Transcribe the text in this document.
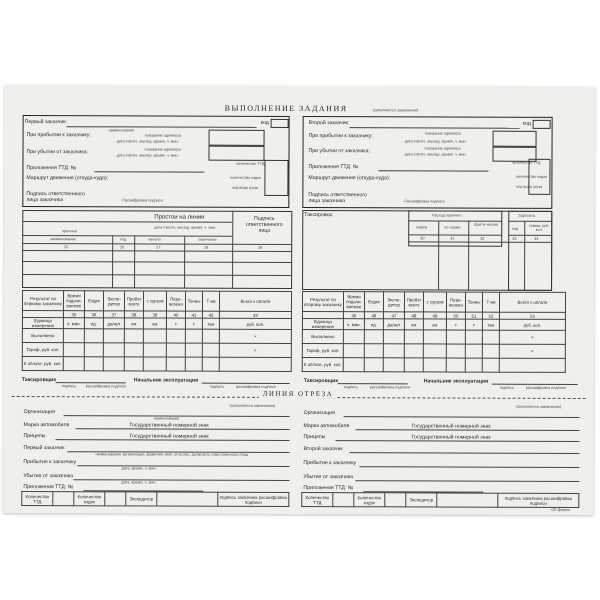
ВЫПОЛНЕНИЕ ЗАДАНИЯ	(заполняется заказчиком)
Первый заказчик:	код
наименование
показание одометра
При прибытии к заказчику:
дата (число, месяц), время, ч. мин.
При убытии от заказчика:	показание одометра
дата (число, месяц), время, ч. мин.
Приложения ТТД: №
количество ТТД
Маршрут движения (откуда-куда):	количество ездок
код вида груза
Подпись ответственного лица заказчика	Расшифровка подписи
Второй заказчик:	код
При прибытии к заказчику:	показание одометра
дата (число, месяц), время, ч. мин.
При убытии от заказчика:	показание одометра
дата (число, месяц), время, ч. мин.
Приложения ТТД: №
количество ТТД
Маршрут движения (откуда-куда):	количество ездок
код вида груза
Подпись ответственного лица заказчика	Расшифровка подписи
Простои на линии
причина
дата (число, месяц), время, ч. мин.
Подпись ответственного лица
наименование	код	начало	окончание
25	26	27	28	29
Таксировка:	Расход горючего
марка	по норме
факти-ческая
30	31	32
Зарплата
код
сумма, руб. коп.
33	34
Результат по первому заказчику	Время подачи-ваемое	Ездки	Экспе-дитор	Пробег всего	с грузом	Пере-везено	Тонны	Т-км	Всего к оплате
	35	36	37	38	39	40	41	42	43
Единица измерения	ч. мин.	ед.	да/нет	км	км	т	т	ткм	руб. коп.
Выполнено									×
Тариф, руб. коп.									×
К оплате, руб. коп.									
Результат по второму заказчику	Время подачи-ваемое	Ездки	Экспе-дитор	Пробег всего	с грузом	Пере-везено	Тонны	Т-км	Всего к оплате
	45	46	47	48	49	50	51	52	53
Единица измерения	ч. мин.	ед.	да/нет	км	км	т	т	ткм	руб. коп.
Выполнено									×
Тариф, руб. коп.									×
К оплате, руб. коп.									
Таксировщик
подпись	расшифровка подписи
Начальник эксплуатации
подпись	расшифровка подписи
Таксировщик
подпись	расшифровка подписи
Начальник эксплуатации
подпись	расшифровка подписи
ЛИНИЯ ОТРЕЗА
(заполняется заказчиком)
Организация
наименование
Марка автомобиля	Государственный номерной знак
Прицепы	Государственный номерной знак
Первый заказчик
наименование организации, фамилия, имя, отчество, должность ответственного лица
Прибытие к заказчику
дата, время, ч. мин.
Убытие от заказчика
дата, время, ч. мин.
Приложения ТТД: №
Количество ТТД		Количество ездок		Экспедитор		подпись заказчика расшифровка подписи
(заполняется заказчиком)
Организация
Марка автомобиля	Государственный номерной знак
Прицепы	Государственный номерной знак
Второй заказчик
Прибытие к заказчику
Убытие от заказчика
Приложения ТТД: №
Количество ТТД		Количество ездок		Экспедитор		подпись заказчика расшифровка подписи
ОК-форма
